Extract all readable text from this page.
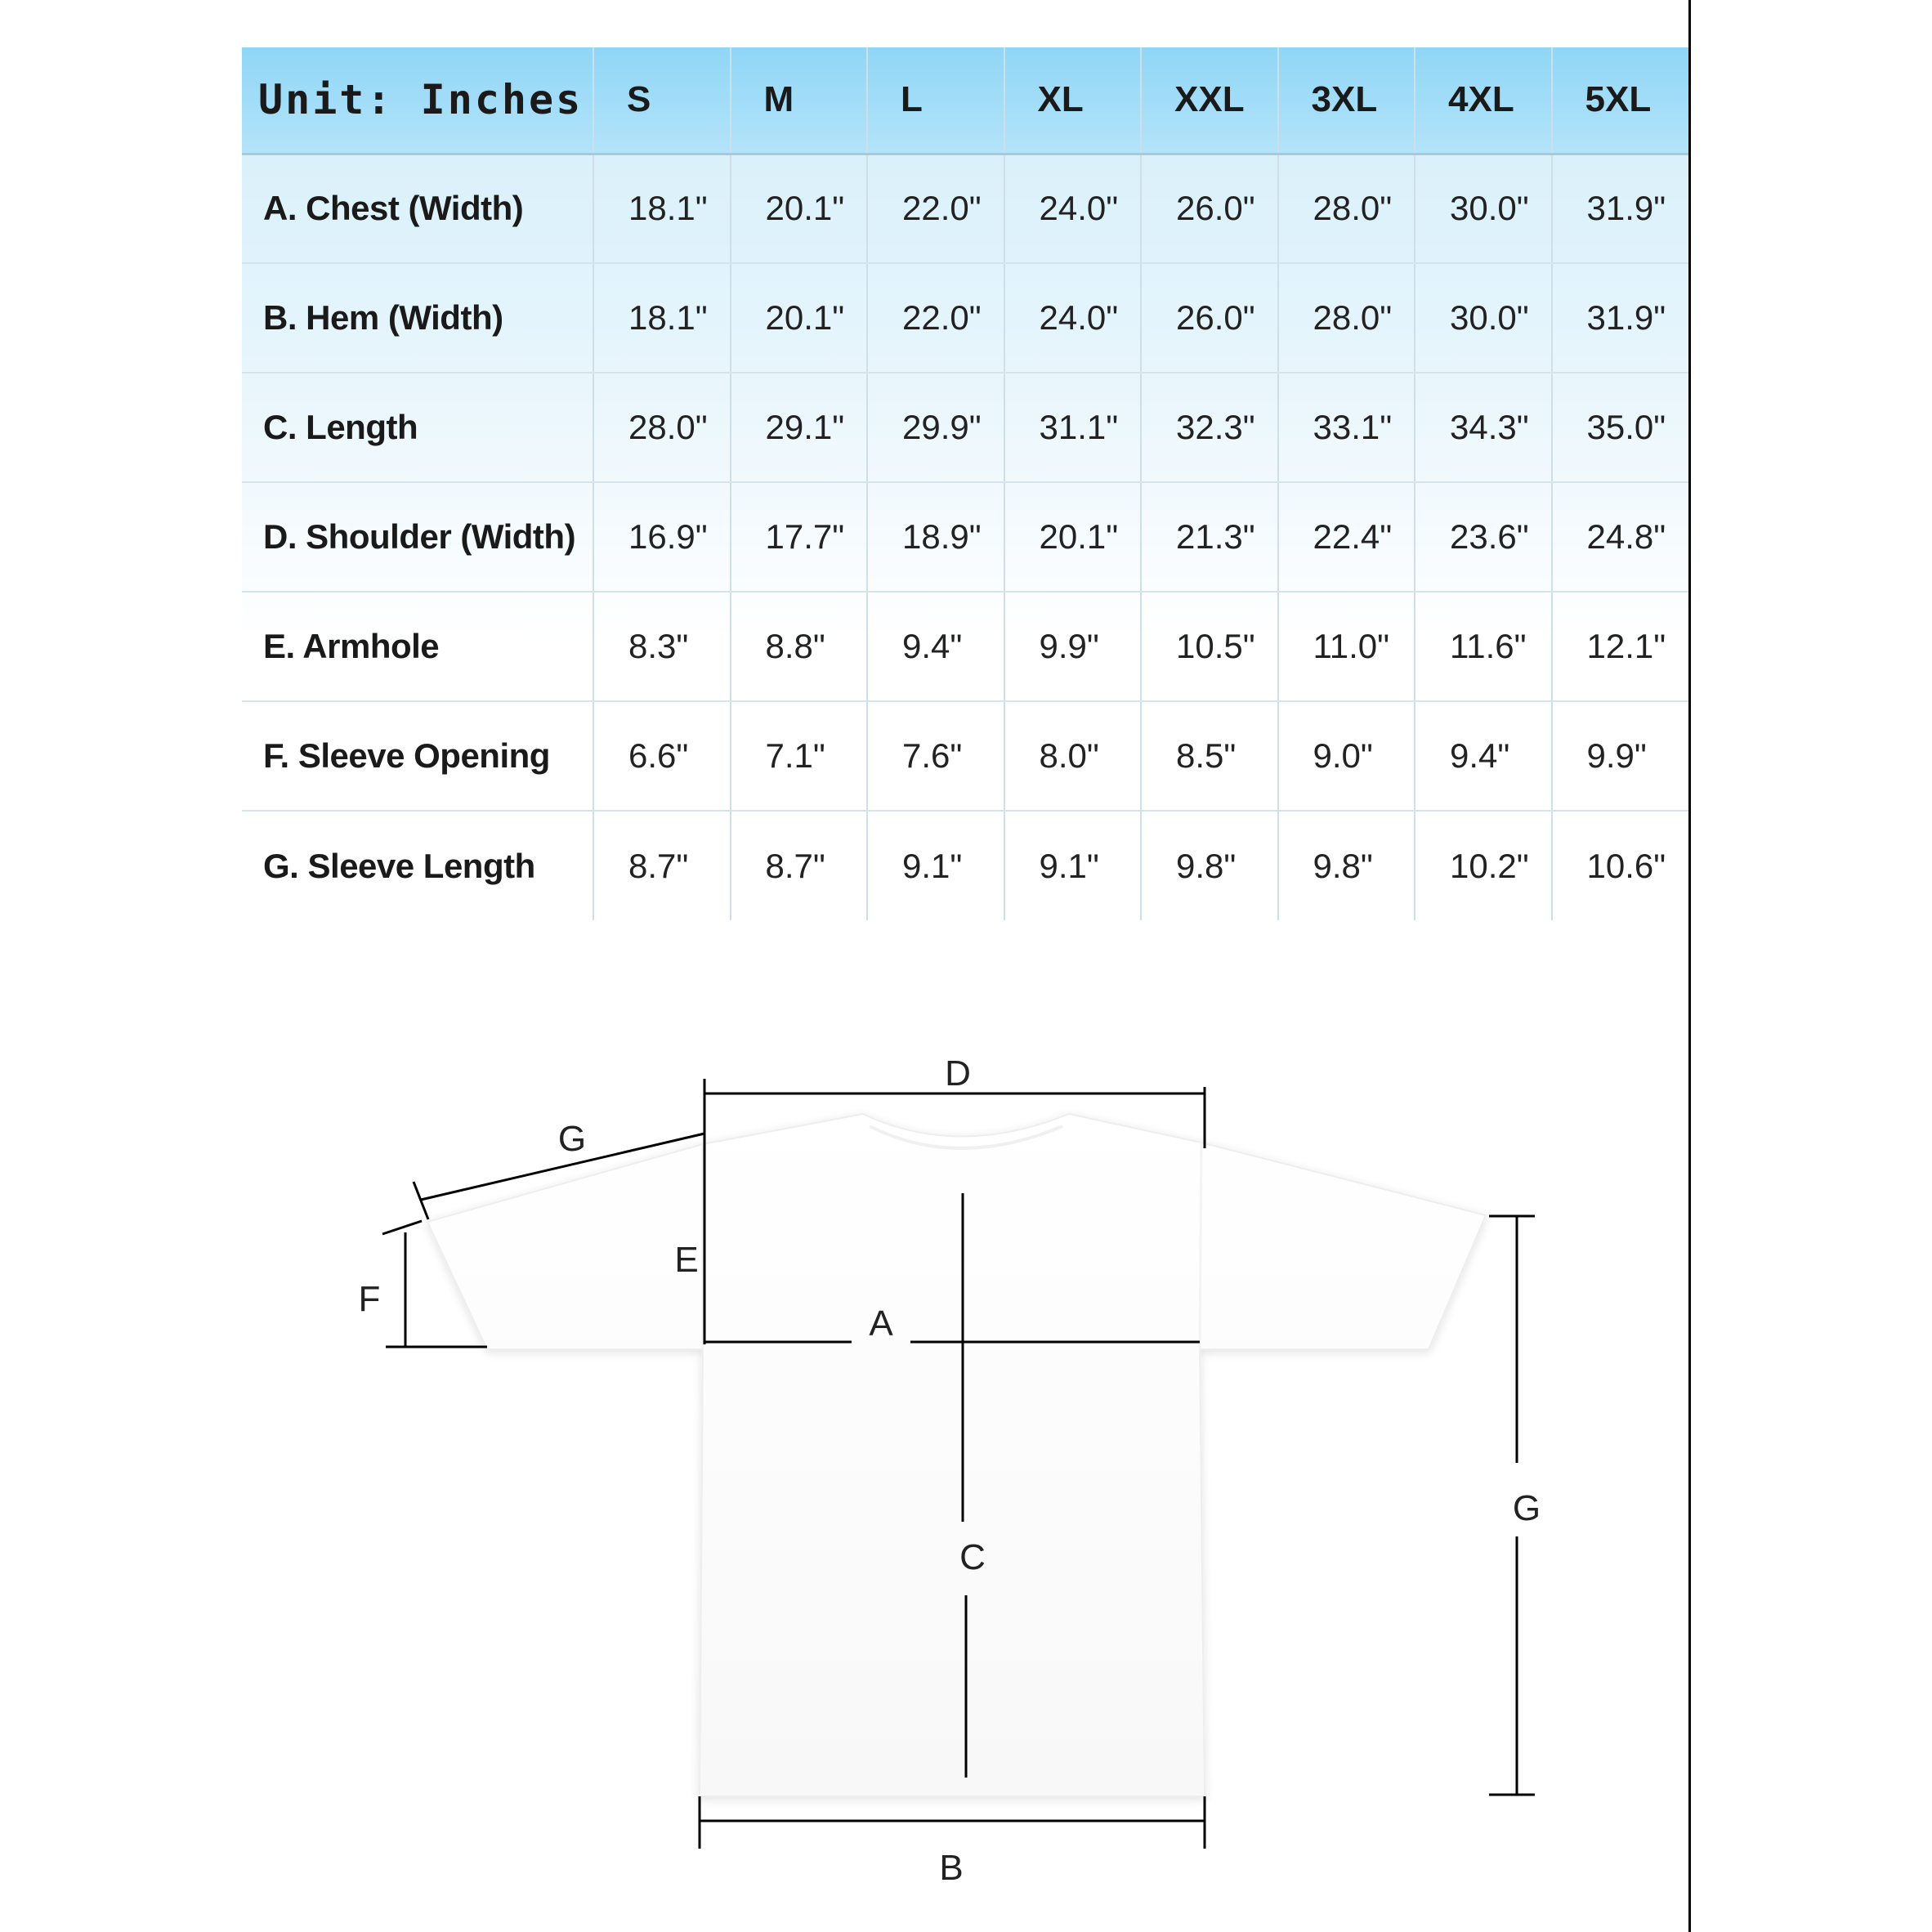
Unit: Inches	S	M	L	XL	XXL	3XL	4XL	5XL
A. Chest (Width)	18.1"	20.1"	22.0"	24.0"	26.0"	28.0"	30.0"	31.9"
B. Hem (Width)	18.1"	20.1"	22.0"	24.0"	26.0"	28.0"	30.0"	31.9"
C. Length	28.0"	29.1"	29.9"	31.1"	32.3"	33.1"	34.3"	35.0"
D. Shoulder (Width)	16.9"	17.7"	18.9"	20.1"	21.3"	22.4"	23.6"	24.8"
E. Armhole	8.3"	8.8"	9.4"	9.9"	10.5"	11.0"	11.6"	12.1"
F. Sleeve Opening	6.6"	7.1"	7.6"	8.0"	8.5"	9.0"	9.4"	9.9"
G. Sleeve Length	8.7"	8.7"	9.1"	9.1"	9.8"	9.8"	10.2"	10.6"
D
G
F
E
A
C
B
G
